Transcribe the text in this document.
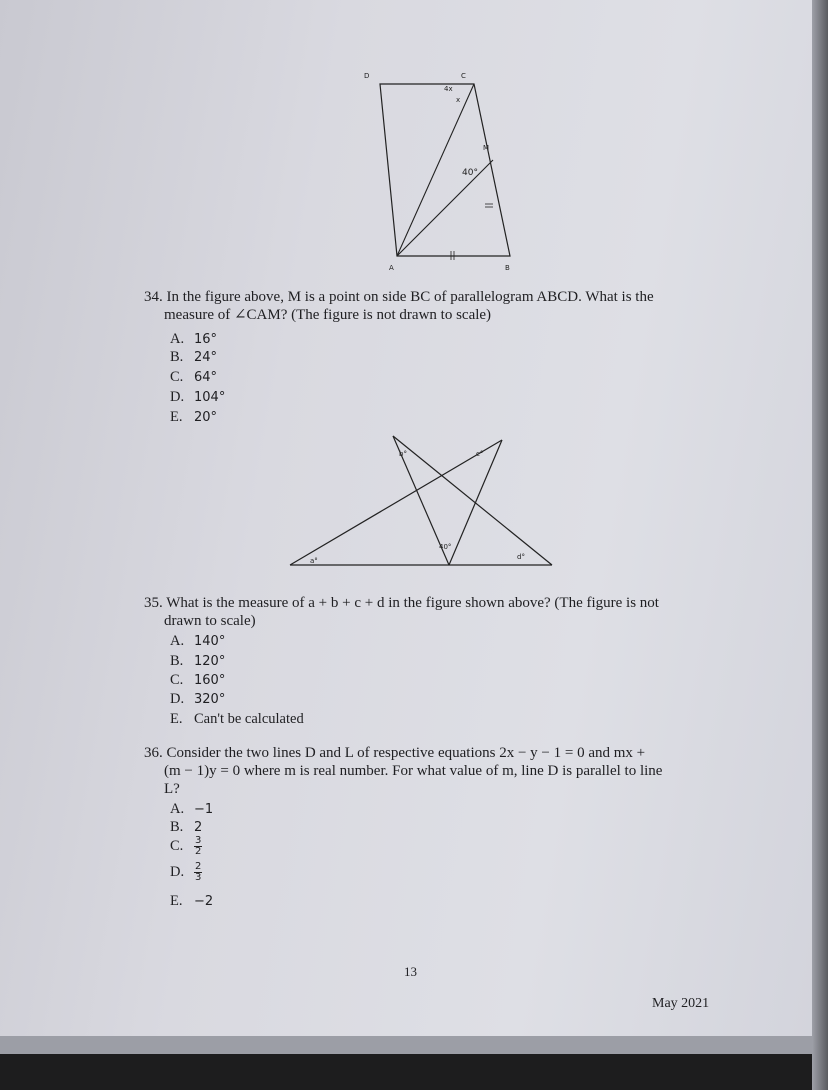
D	C
M
A	B
4x
x
40°
34. In the figure above, M is a point on side BC of parallelogram ABCD. What is the
measure of ∠CAM? (The figure is not drawn to scale)
A. 16°
B. 24°
C. 64°
D. 104°
E. 20°
b°	c°
a°	d°
40°
35. What is the measure of a + b + c + d in the figure shown above? (The figure is not
drawn to scale)
A. 140°
B. 120°
C. 160°
D. 320°
E. Can't be calculated
36. Consider the two lines D and L of respective equations 2x − y − 1 = 0 and mx +
(m − 1)y = 0 where m is real number. For what value of m, line D is parallel to line
L?
A. −1
B. 2
C. $\frac{3}{2}$
D. $\frac{2}{3}$
E. −2
13
May 2021
